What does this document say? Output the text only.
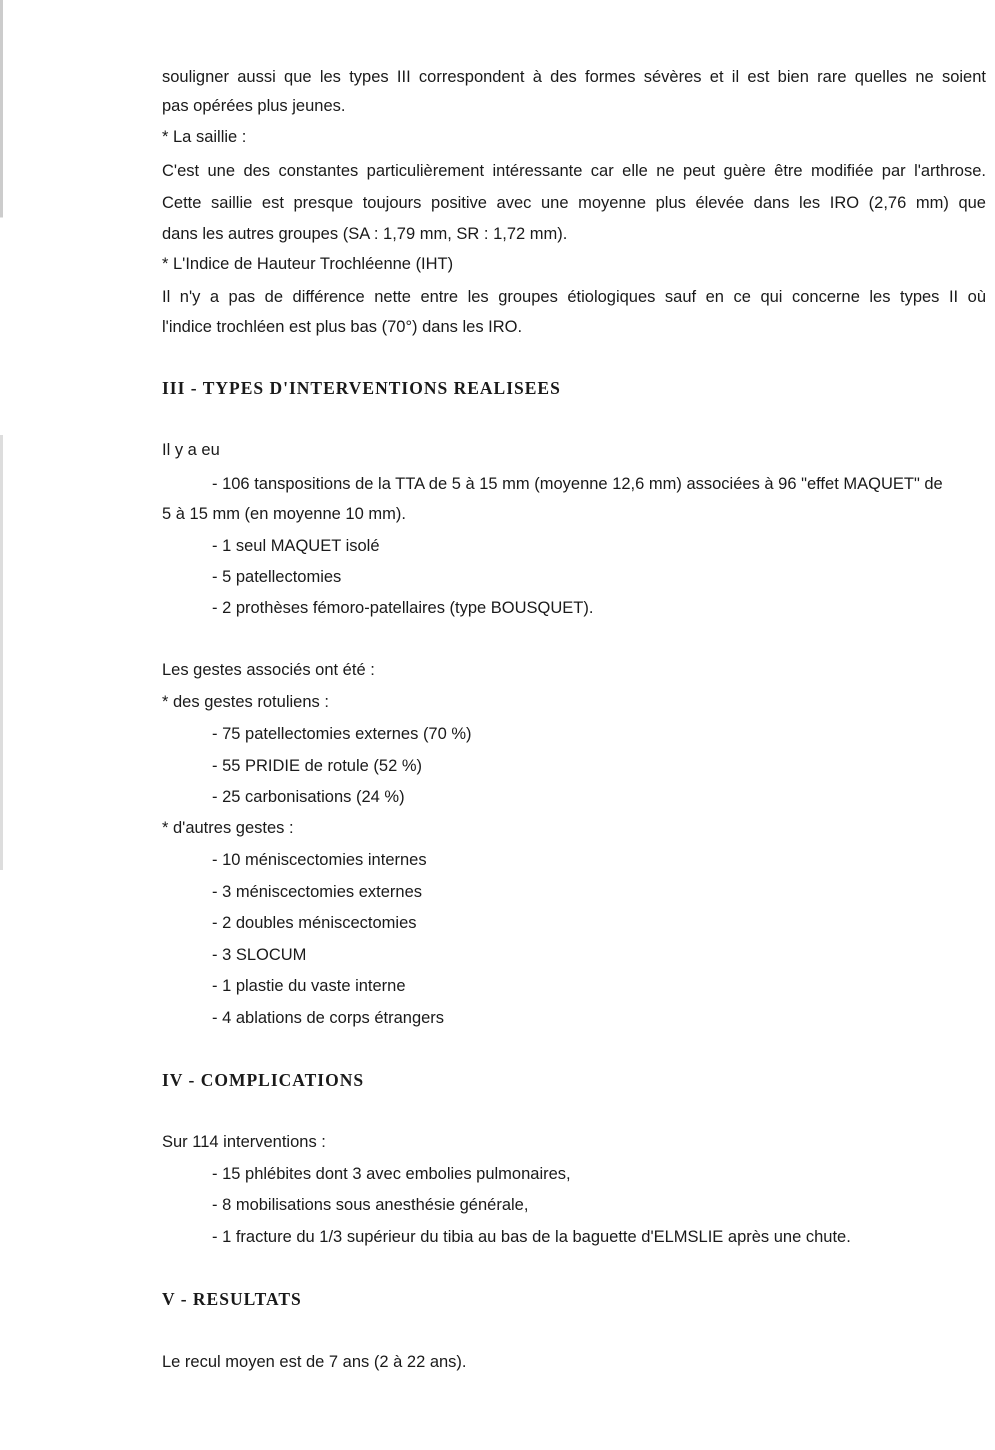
souligner aussi que les types III correspondent à des formes sévères et il est bien rare quelles ne soient
pas opérées plus jeunes.
* La saillie :
C'est une des constantes particulièrement intéressante car elle ne peut guère être modifiée par l'arthrose.
Cette saillie est presque toujours positive avec une moyenne plus élevée dans les IRO (2,76 mm) que
dans les autres groupes (SA : 1,79 mm, SR : 1,72 mm).
* L'Indice de Hauteur Trochléenne (IHT)
Il n'y a pas de différence nette entre les groupes étiologiques sauf en ce qui concerne les types II où
l'indice trochléen est plus bas (70°) dans les IRO.
III - TYPES D'INTERVENTIONS REALISEES
Il y a eu
- 106 tanspositions de la TTA de 5 à 15 mm (moyenne 12,6 mm) associées à 96 "effet MAQUET" de
5 à 15 mm (en moyenne 10 mm).
- 1 seul MAQUET isolé
- 5 patellectomies
- 2 prothèses fémoro-patellaires (type BOUSQUET).
Les gestes associés ont été :
* des gestes rotuliens :
- 75 patellectomies externes (70 %)
- 55 PRIDIE de rotule (52 %)
- 25 carbonisations (24 %)
* d'autres gestes :
- 10 méniscectomies internes
- 3 méniscectomies externes
- 2 doubles méniscectomies
- 3 SLOCUM
- 1 plastie du vaste interne
- 4 ablations de corps étrangers
IV - COMPLICATIONS
Sur 114 interventions :
- 15 phlébites dont 3 avec embolies pulmonaires,
- 8 mobilisations sous anesthésie générale,
- 1 fracture du 1/3 supérieur du tibia au bas de la baguette d'ELMSLIE après une chute.
V - RESULTATS
Le recul moyen est de 7 ans (2 à 22 ans).
